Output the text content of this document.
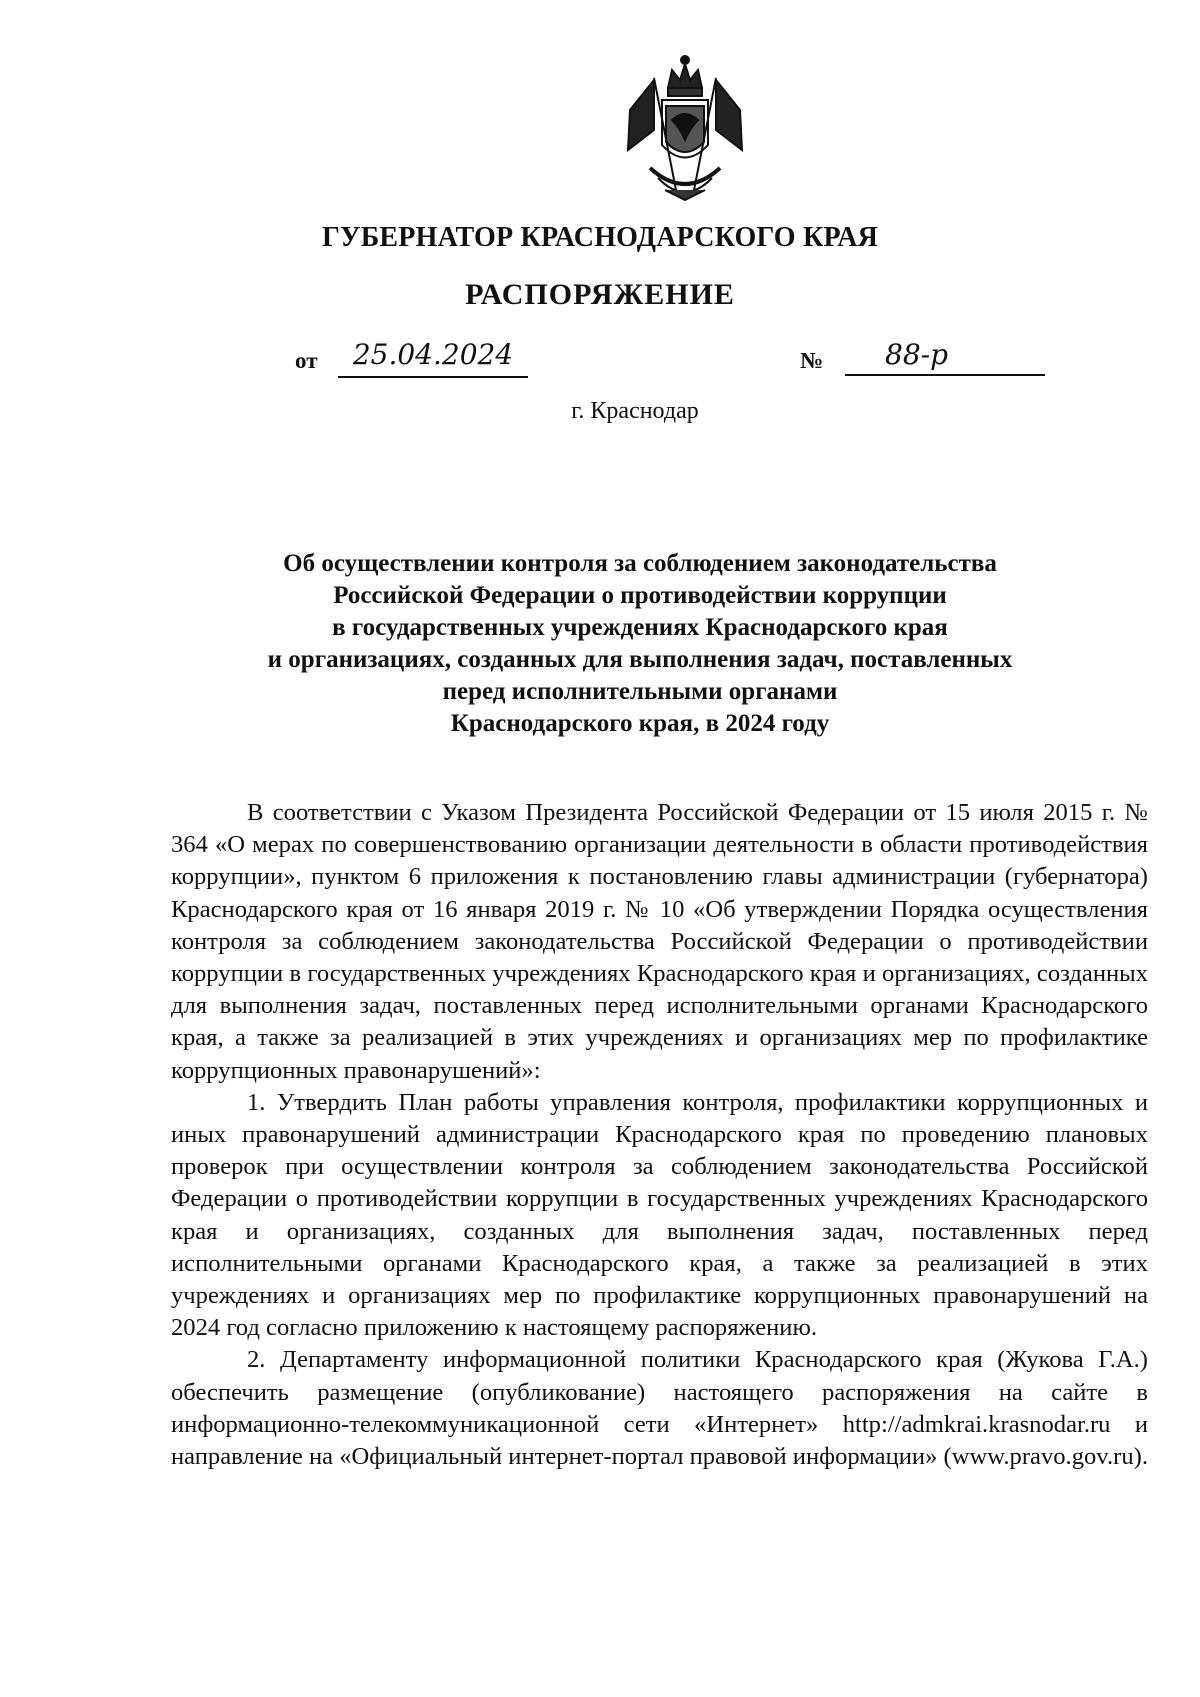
ГУБЕРНАТОР КРАСНОДАРСКОГО КРАЯ
РАСПОРЯЖЕНИЕ
от	25.04.2024	№	88-р
г. Краснодар
Об осуществлении контроля за соблюдением законодательства
Российской Федерации о противодействии коррупции
в государственных учреждениях Краснодарского края
и организациях, созданных для выполнения задач, поставленных
перед исполнительными органами
Краснодарского края, в 2024 году

В соответствии с Указом Президента Российской Федерации от 15 июля 2015 г. № 364 «О мерах по совершенствованию организации деятельности в области противодействия коррупции», пунктом 6 приложения к постановлению главы администрации (губернатора) Краснодарского края от 16 января 2019 г. № 10 «Об утверждении Порядка осуществления контроля за соблюдением законодательства Российской Федерации о противодействии коррупции в государственных учреждениях Краснодарского края и организациях, созданных для выполнения задач, поставленных перед исполнительными органами Краснодарского края, а также за реализацией в этих учреждениях и организациях мер по профилактике коррупционных правонарушений»:

1. Утвердить План работы управления контроля, профилактики коррупционных и иных правонарушений администрации Краснодарского края по проведению плановых проверок при осуществлении контроля за соблюдением законодательства Российской Федерации о противодействии коррупции в государственных учреждениях Краснодарского края и организациях, созданных для выполнения задач, поставленных перед исполнительными органами Краснодарского края, а также за реализацией в этих учреждениях и организациях мер по профилактике коррупционных правонарушений на 2024 год согласно приложению к настоящему распоряжению.

2. Департаменту информационной политики Краснодарского края (Жукова Г.А.) обеспечить размещение (опубликование) настоящего распоряжения на сайте в информационно-телекоммуникационной сети «Интернет» http://admkrai.krasnodar.ru и направление на «Официальный интернет-портал правовой информации» (www.pravo.gov.ru).
